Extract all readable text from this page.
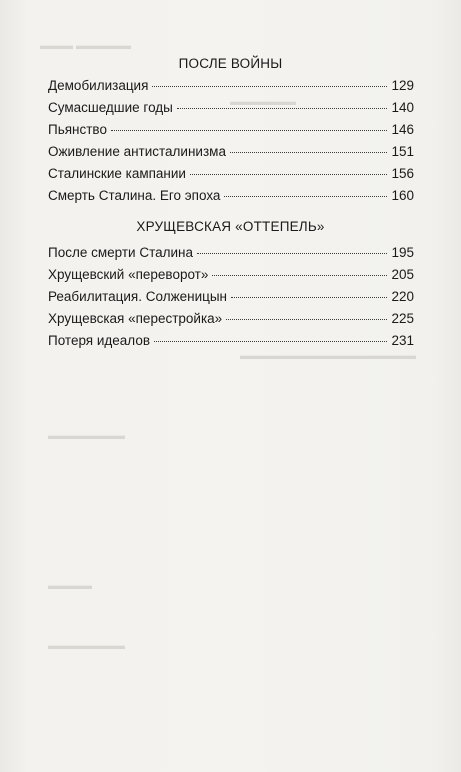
▬▬▬ ▬▬▬▬▬
▬▬▬▬▬▬
▬▬▬▬▬▬▬▬▬▬▬▬▬▬▬▬
▬▬▬▬▬▬▬
▬▬▬▬
▬▬▬▬▬▬▬
ПОСЛЕ ВОЙНЫ
Демобилизация	129
Сумасшедшие годы	140
Пьянство	146
Оживление антисталинизма	151
Сталинские кампании	156
Смерть Сталина. Его эпоха	160
ХРУЩЕВСКАЯ «ОТТЕПЕЛЬ»
После смерти Сталина	195
Хрущевский «переворот»	205
Реабилитация. Солженицын	220
Хрущевская «перестройка»	225
Потеря идеалов	231
